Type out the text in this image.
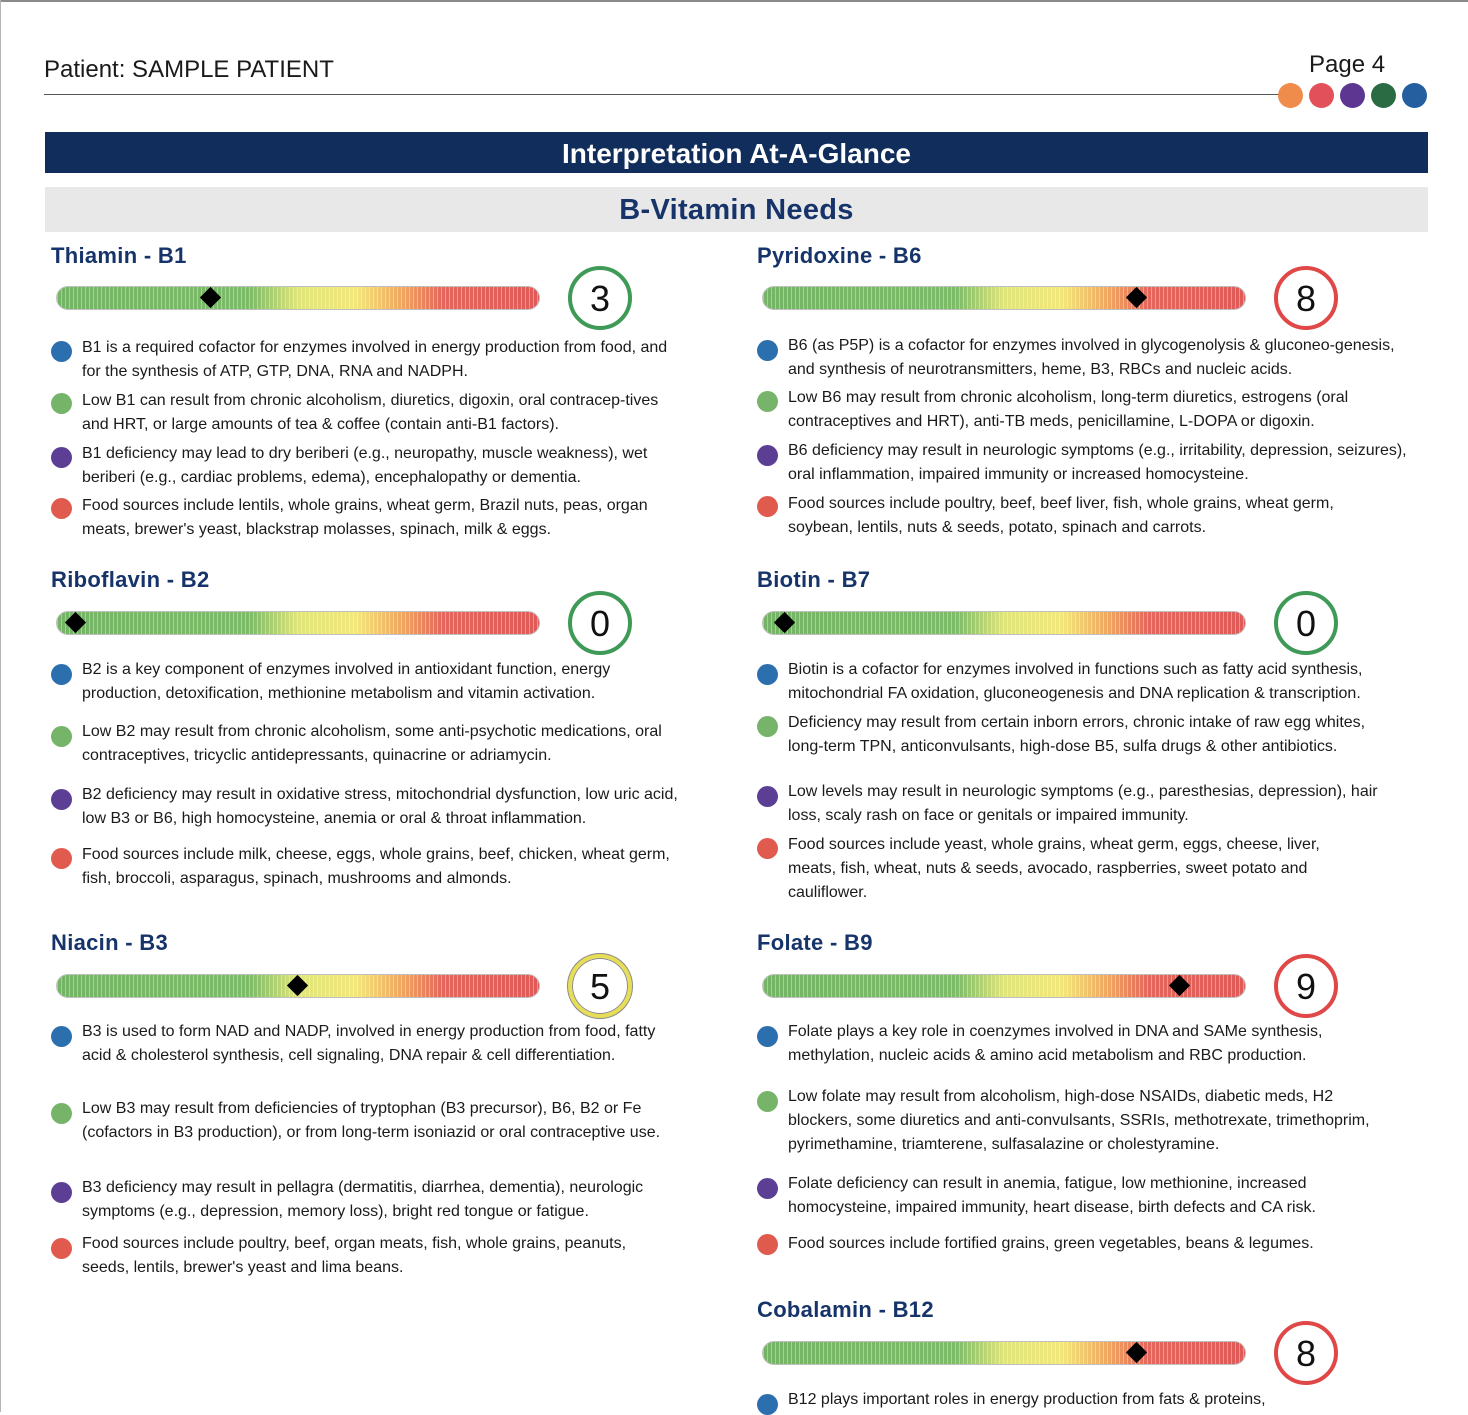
Patient: SAMPLE PATIENT	Page 4
Interpretation At-A-Glance
B-Vitamin Needs
Thiamin - B1
3
B1 is a required cofactor for enzymes involved in energy production from food, and for the synthesis of ATP, GTP, DNA, RNA and NADPH.
Low B1 can result from chronic alcoholism, diuretics, digoxin, oral contracep-tives and HRT, or large amounts of tea & coffee (contain anti-B1 factors).
B1 deficiency may lead to dry beriberi (e.g., neuropathy, muscle weakness), wet beriberi (e.g., cardiac problems, edema), encephalopathy or dementia.
Food sources include lentils, whole grains, wheat germ, Brazil nuts, peas, organ meats, brewer's yeast, blackstrap molasses, spinach, milk & eggs.
Riboflavin - B2
0
B2 is a key component of enzymes involved in antioxidant function, energy production, detoxification, methionine metabolism and vitamin activation.
Low B2 may result from chronic alcoholism, some anti-psychotic medications, oral contraceptives, tricyclic antidepressants, quinacrine or adriamycin.
B2 deficiency may result in oxidative stress, mitochondrial dysfunction, low uric acid, low B3 or B6, high homocysteine, anemia or oral & throat inflammation.
Food sources include milk, cheese, eggs, whole grains, beef, chicken, wheat germ, fish, broccoli, asparagus, spinach, mushrooms and almonds.
Niacin - B3
5
B3 is used to form NAD and NADP, involved in energy production from food, fatty acid & cholesterol synthesis, cell signaling, DNA repair & cell differentiation.
Low B3 may result from deficiencies of tryptophan (B3 precursor), B6, B2 or Fe (cofactors in B3 production), or from long-term isoniazid or oral contraceptive use.
B3 deficiency may result in pellagra (dermatitis, diarrhea, dementia), neurologic symptoms (e.g., depression, memory loss), bright red tongue or fatigue.
Food sources include poultry, beef, organ meats, fish, whole grains, peanuts, seeds, lentils, brewer's yeast and lima beans.
Pyridoxine - B6
8
B6 (as P5P) is a cofactor for enzymes involved in glycogenolysis & gluconeo-genesis, and synthesis of neurotransmitters, heme, B3, RBCs and nucleic acids.
Low B6 may result from chronic alcoholism, long-term diuretics, estrogens (oral contraceptives and HRT), anti-TB meds, penicillamine, L-DOPA or digoxin.
B6 deficiency may result in neurologic symptoms (e.g., irritability, depression, seizures), oral inflammation, impaired immunity or increased homocysteine.
Food sources include poultry, beef, beef liver, fish, whole grains, wheat germ, soybean, lentils, nuts & seeds, potato, spinach and carrots.
Biotin - B7
0
Biotin is a cofactor for enzymes involved in functions such as fatty acid synthesis, mitochondrial FA oxidation, gluconeogenesis and DNA replication & transcription.
Deficiency may result from certain inborn errors, chronic intake of raw egg whites, long-term TPN, anticonvulsants, high-dose B5, sulfa drugs & other antibiotics.
Low levels may result in neurologic symptoms (e.g., paresthesias, depression), hair loss, scaly rash on face or genitals or impaired immunity.
Food sources include yeast, whole grains, wheat germ, eggs, cheese, liver, meats, fish, wheat, nuts & seeds, avocado, raspberries, sweet potato and cauliflower.
Folate - B9
9
Folate plays a key role in coenzymes involved in DNA and SAMe synthesis, methylation, nucleic acids & amino acid metabolism and RBC production.
Low folate may result from alcoholism, high-dose NSAIDs, diabetic meds, H2 blockers, some diuretics and anti-convulsants, SSRIs, methotrexate, trimethoprim, pyrimethamine, triamterene, sulfasalazine or cholestyramine.
Folate deficiency can result in anemia, fatigue, low methionine, increased homocysteine, impaired immunity, heart disease, birth defects and CA risk.
Food sources include fortified grains, green vegetables, beans & legumes.
Cobalamin - B12
8
B12 plays important roles in energy production from fats & proteins,
